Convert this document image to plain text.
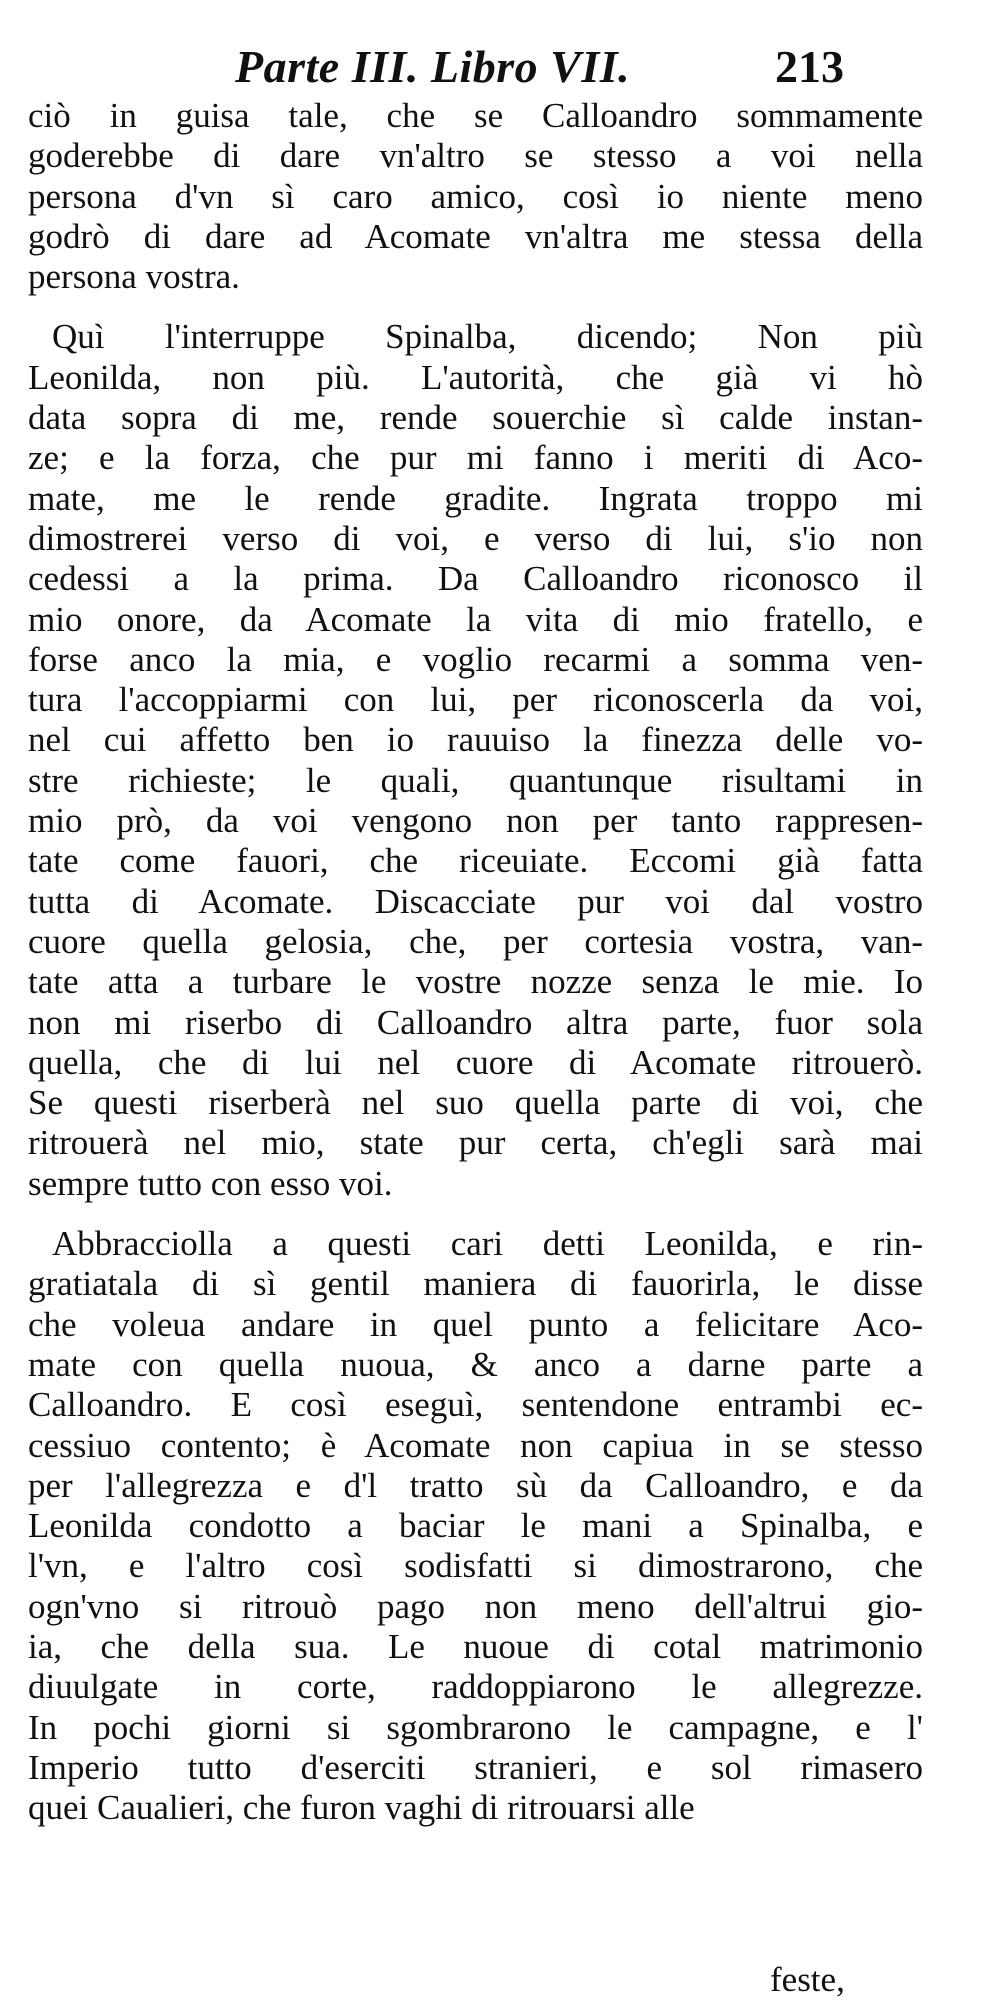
Parte III. Libro VII.	213
ciò in guisa tale, che se Calloandro sommamente
goderebbe di dare vn'altro se stesso a voi nella
persona d'vn sì caro amico, così io niente meno
godrò di dare ad Acomate vn'altra me stessa della
persona vostra.
Quì l'interruppe Spinalba, dicendo; Non più
Leonilda, non più. L'autorità, che già vi hò
data sopra di me, rende souerchie sì calde instan-
ze; e la forza, che pur mi fanno i meriti di Aco-
mate, me le rende gradite. Ingrata troppo mi
dimostrerei verso di voi, e verso di lui, s'io non
cedessi a la prima. Da Calloandro riconosco il
mio onore, da Acomate la vita di mio fratello, e
forse anco la mia, e voglio recarmi a somma ven-
tura l'accoppiarmi con lui, per riconoscerla da voi,
nel cui affetto ben io rauuiso la finezza delle vo-
stre richieste; le quali, quantunque risultami in
mio prò, da voi vengono non per tanto rappresen-
tate come fauori, che riceuiate. Eccomi già fatta
tutta di Acomate. Discacciate pur voi dal vostro
cuore quella gelosia, che, per cortesia vostra, van-
tate atta a turbare le vostre nozze senza le mie. Io
non mi riserbo di Calloandro altra parte, fuor sola
quella, che di lui nel cuore di Acomate ritrouerò.
Se questi riserberà nel suo quella parte di voi, che
ritrouerà nel mio, state pur certa, ch'egli sarà mai
sempre tutto con esso voi.
Abbracciolla a questi cari detti Leonilda, e rin-
gratiatala di sì gentil maniera di fauorirla, le disse
che voleua andare in quel punto a felicitare Aco-
mate con quella nuoua, & anco a darne parte a
Calloandro. E così eseguì, sentendone entrambi ec-
cessiuo contento; è Acomate non capiua in se stesso
per l'allegrezza e d'l tratto sù da Calloandro, e da
Leonilda condotto a baciar le mani a Spinalba, e
l'vn, e l'altro così sodisfatti si dimostrarono, che
ogn'vno si ritrouò pago non meno dell'altrui gio-
ia, che della sua. Le nuoue di cotal matrimonio
diuulgate in corte, raddoppiarono le allegrezze.
In pochi giorni si sgombrarono le campagne, e l'
Imperio tutto d'eserciti stranieri, e sol rimasero
quei Caualieri, che furon vaghi di ritrouarsi alle
feste,
